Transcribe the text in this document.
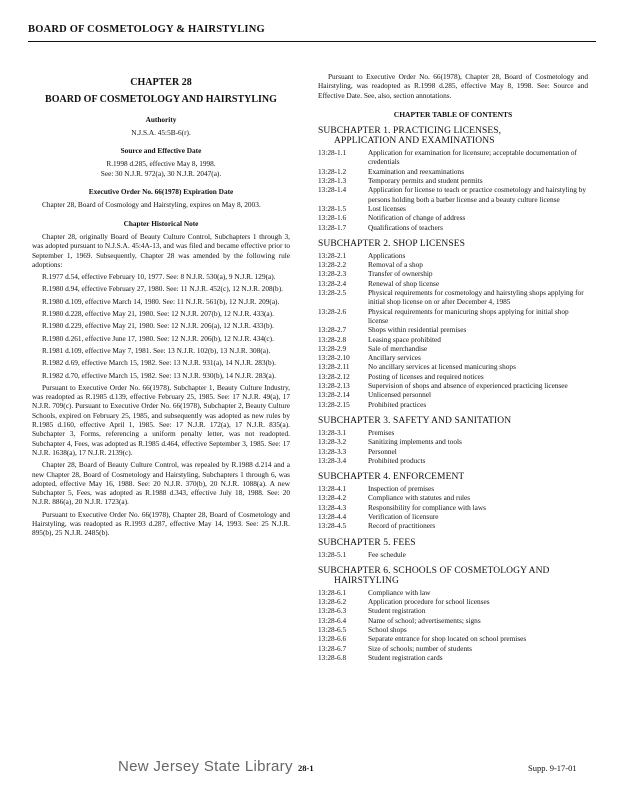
BOARD OF COSMETOLOGY & HAIRSTYLING
CHAPTER 28
BOARD OF COSMETOLOGY AND HAIRSTYLING
Authority
N.J.S.A. 45:5B-6(r).
Source and Effective Date
R.1998 d.285, effective May 8, 1998.
See: 30 N.J.R. 972(a), 30 N.J.R. 2047(a).
Executive Order No. 66(1978) Expiration Date

Chapter 28, Board of Cosmology and Hairstyling, expires on May 8, 2003.

Chapter Historical Note

Chapter 28, originally Board of Beauty Culture Control, Subchapters 1 through 3, was adopted pursuant to N.J.S.A. 45:4A-13, and was filed and became effective prior to September 1, 1969. Subsequently, Chapter 28 was amended by the following rule adoptions:

R.1977 d.54, effective February 10, 1977. See: 8 N.J.R. 530(a), 9 N.J.R. 129(a).

R.1980 d.94, effective February 27, 1980. See: 11 N.J.R. 452(c), 12 N.J.R. 208(b).

R.1980 d.109, effective March 14, 1980. See: 11 N.J.R. 561(b), 12 N.J.R. 209(a).

R.1980 d.228, effective May 21, 1980. See: 12 N.J.R. 207(b), 12 N.J.R. 433(a).

R.1980 d.229, effective May 21, 1980. See: 12 N.J.R. 206(a), 12 N.J.R. 433(b).

R.1980 d.261, effective June 17, 1980. See: 12 N.J.R. 206(b), 12 N.J.R. 434(c).

R.1981 d.109, effective May 7, 1981. See: 13 N.J.R. 102(b), 13 N.J.R. 308(a).

R.1982 d.69, effective March 15, 1982. See: 13 N.J.R. 931(a), 14 N.J.R. 283(b).

R.1982 d.70, effective March 15, 1982. See: 13 N.J.R. 930(b), 14 N.J.R. 283(a).

Pursuant to Executive Order No. 66(1978), Subchapter 1, Beauty Culture Industry, was readopted as R.1985 d.139, effective February 25, 1985. See: 17 N.J.R. 49(a), 17 N.J.R. 709(c). Pursuant to Executive Order No. 66(1978), Subchapter 2, Beauty Culture Schools, expired on February 25, 1985, and subsequently was adopted as new rules by R.1985 d.160, effective April 1, 1985. See: 17 N.J.R. 172(a), 17 N.J.R. 835(a). Subchapter 3, Forms, referencing a uniform penalty letter, was not readopted. Subchapter 4, Fees, was adopted as R.1985 d.464, effective September 3, 1985. See: 17 N.J.R. 1638(a), 17 N.J.R. 2139(c).

Chapter 28, Board of Beauty Culture Control, was repealed by R.1988 d.214 and a new Chapter 28, Board of Cosmetology and Hairstyling, Subchapters 1 through 6, was adopted, effective May 16, 1988. See: 20 N.J.R. 370(b), 20 N.J.R. 1088(a). A new Subchapter 5, Fees, was adopted as R.1988 d.343, effective July 18, 1988. See: 20 N.J.R. 886(a), 20 N.J.R. 1723(a).

Pursuant to Executive Order No. 66(1978), Chapter 28, Board of Cosmetology and Hairstyling, was readopted as R.1993 d.287, effective May 14, 1993. See: 25 N.J.R. 895(b), 25 N.J.R. 2485(b).

Pursuant to Executive Order No. 66(1978), Chapter 28, Board of Cosmetology and Hairstyling, was readopted as R.1998 d.285, effective May 8, 1998. See: Source and Effective Date. See, also, section annotations.

CHAPTER TABLE OF CONTENTS
SUBCHAPTER 1. PRACTICING LICENSES,
APPLICATION AND EXAMINATIONS
13:28-1.1	Application for examination for licensure; acceptable documentation of credentials
13:28-1.2	Examination and reexaminations
13:28-1.3	Temporary permits and student permits
13:28-1.4	Application for license to teach or practice cosmetology and hairstyling by persons holding both a barber license and a beauty culture license
13:28-1.5	Lost licenses
13:28-1.6	Notification of change of address
13:28-1.7	Qualifications of teachers
SUBCHAPTER 2. SHOP LICENSES
13:28-2.1	Applications
13:28-2.2	Removal of a shop
13:28-2.3	Transfer of ownership
13:28-2.4	Renewal of shop license
13:28-2.5	Physical requirements for cosmetology and hairstyling shops applying for initial shop license on or after December 4, 1985
13:28-2.6	Physical requirements for manicuring shops applying for initial shop license
13:28-2.7	Shops within residential premises
13:28-2.8	Leasing space prohibited
13:28-2.9	Sale of merchandise
13:28-2.10	Ancillary services
13:28-2.11	No ancillary services at licensed manicuring shops
13:28-2.12	Posting of licenses and required notices
13:28-2.13	Supervision of shops and absence of experienced practicing licensee
13:28-2.14	Unlicensed personnel
13:28-2.15	Prohibited practices
SUBCHAPTER 3. SAFETY AND SANITATION
13:28-3.1	Premises
13:28-3.2	Sanitizing implements and tools
13:28-3.3	Personnel
13:28-3.4	Prohibited products
SUBCHAPTER 4. ENFORCEMENT
13:28-4.1	Inspection of premises
13:28-4.2	Compliance with statutes and rules
13:28-4.3	Responsibility for compliance with laws
13:28-4.4	Verification of licensure
13:28-4.5	Record of practitioners
SUBCHAPTER 5. FEES
13:28-5.1	Fee schedule
SUBCHAPTER 6. SCHOOLS OF COSMETOLOGY AND
HAIRSTYLING
13:28-6.1	Compliance with law
13:28-6.2	Application procedure for school licenses
13:28-6.3	Student registration
13:28-6.4	Name of school; advertisements; signs
13:28-6.5	School shops
13:28-6.6	Separate entrance for shop located on school premises
13:28-6.7	Size of schools; number of students
13:28-6.8	Student registration cards
New Jersey State Library 28-1	Supp. 9-17-01
